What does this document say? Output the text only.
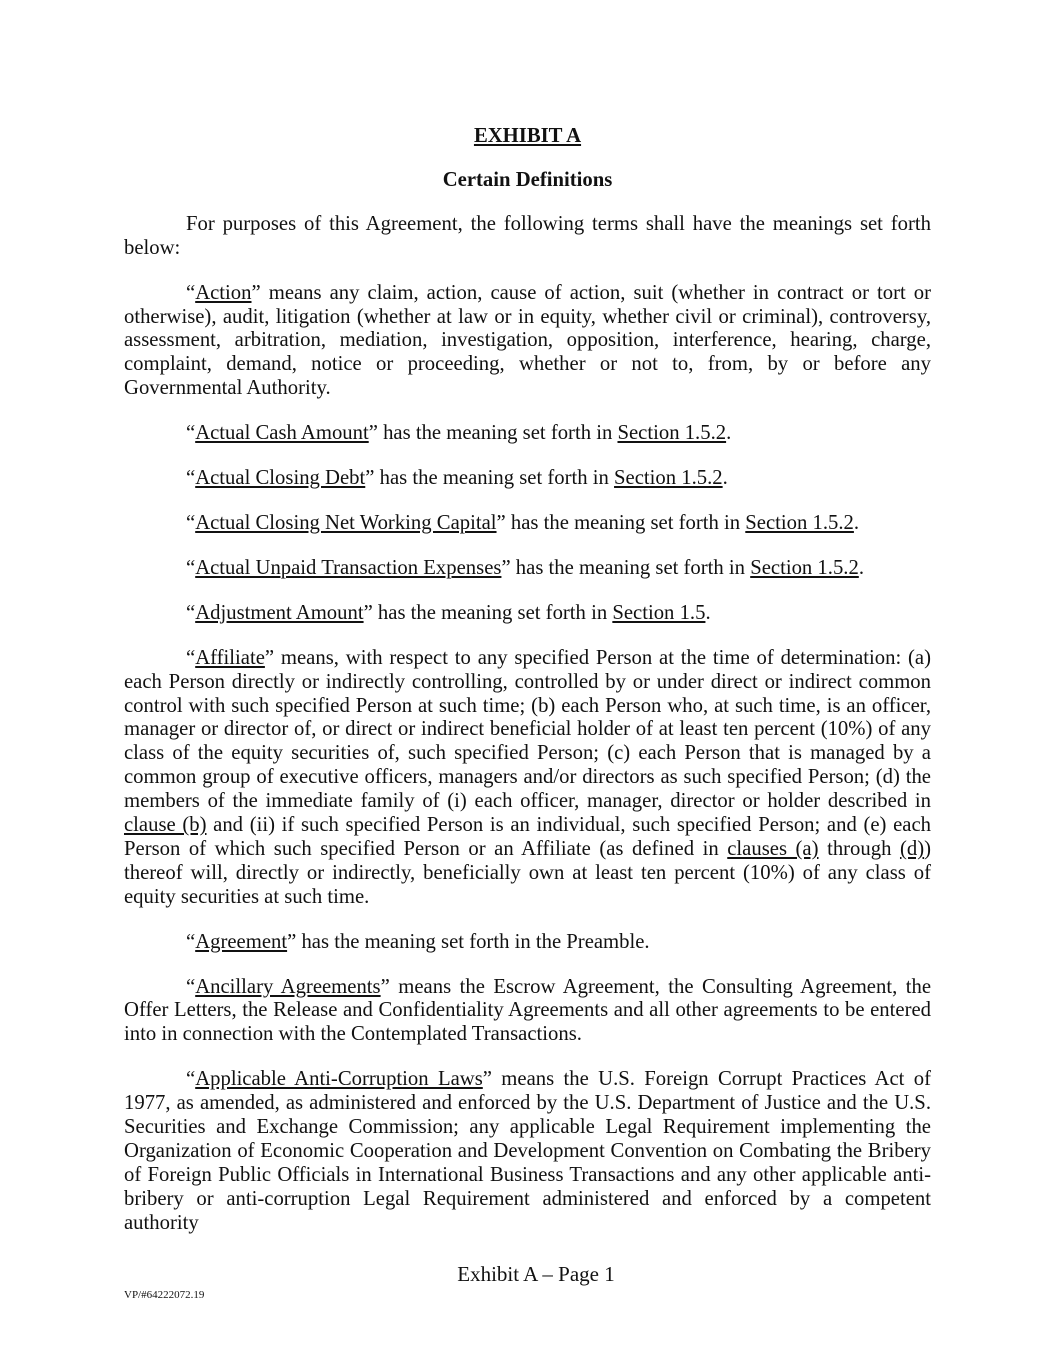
EXHIBIT A
Certain Definitions

For purposes of this Agreement, the following terms shall have the meanings set forth below:

“Action” means any claim, action, cause of action, suit (whether in contract or tort or otherwise), audit, litigation (whether at law or in equity, whether civil or criminal), controversy, assessment, arbitration, mediation, investigation, opposition, interference, hearing, charge, complaint, demand, notice or proceeding, whether or not to, from, by or before any Governmental Authority.

“Actual Cash Amount” has the meaning set forth in Section 1.5.2.

“Actual Closing Debt” has the meaning set forth in Section 1.5.2.

“Actual Closing Net Working Capital” has the meaning set forth in Section 1.5.2.

“Actual Unpaid Transaction Expenses” has the meaning set forth in Section 1.5.2.

“Adjustment Amount” has the meaning set forth in Section 1.5.

“Affiliate” means, with respect to any specified Person at the time of determination: (a) each Person directly or indirectly controlling, controlled by or under direct or indirect common control with such specified Person at such time; (b) each Person who, at such time, is an officer, manager or director of, or direct or indirect beneficial holder of at least ten percent (10%) of any class of the equity securities of, such specified Person; (c) each Person that is managed by a common group of executive officers, managers and/or directors as such specified Person; (d) the members of the immediate family of (i) each officer, manager, director or holder described in clause (b) and (ii) if such specified Person is an individual, such specified Person; and (e) each Person of which such specified Person or an Affiliate (as defined in clauses (a) through (d)) thereof will, directly or indirectly, beneficially own at least ten percent (10%) of any class of equity securities at such time.

“Agreement” has the meaning set forth in the Preamble.

“Ancillary Agreements” means the Escrow Agreement, the Consulting Agreement, the Offer Letters, the Release and Confidentiality Agreements and all other agreements to be entered into in connection with the Contemplated Transactions.

“Applicable Anti-Corruption Laws” means the U.S. Foreign Corrupt Practices Act of 1977, as amended, as administered and enforced by the U.S. Department of Justice and the U.S. Securities and Exchange Commission; any applicable Legal Requirement implementing the Organization of Economic Cooperation and Development Convention on Combating the Bribery of Foreign Public Officials in International Business Transactions and any other applicable anti-bribery or anti-corruption Legal Requirement administered and enforced by a competent authority

Exhibit A – Page 1
VP/#64222072.19
